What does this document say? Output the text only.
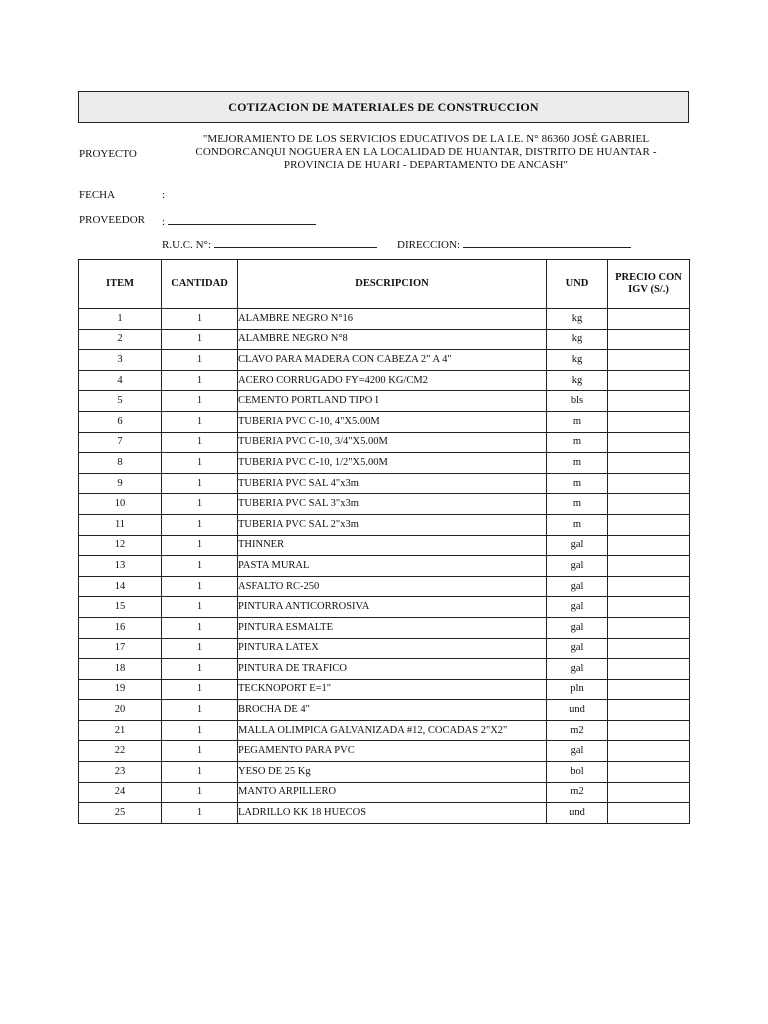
COTIZACION DE MATERIALES DE CONSTRUCCION
PROYECTO
"MEJORAMIENTO DE LOS SERVICIOS EDUCATIVOS DE LA I.E. N° 86360 JOSÉ GABRIEL CONDORCANQUI NOGUERA EN LA LOCALIDAD DE HUANTAR, DISTRITO DE HUANTAR - PROVINCIA DE HUARI - DEPARTAMENTO DE ANCASH"
FECHA	:
PROVEEDOR :
R.U.C. N°:	DIRECCION:
ITEM	CANTIDAD	DESCRIPCION	UND	PRECIO CON IGV (S/.)
1	1	ALAMBRE NEGRO N°16	kg	
2	1	ALAMBRE NEGRO N°8	kg	
3	1	CLAVO PARA MADERA CON CABEZA 2" A 4"	kg	
4	1	ACERO CORRUGADO FY=4200 KG/CM2	kg	
5	1	CEMENTO PORTLAND TIPO I	bls	
6	1	TUBERIA PVC C-10, 4"X5.00M	m	
7	1	TUBERIA PVC C-10, 3/4"X5.00M	m	
8	1	TUBERIA PVC C-10, 1/2"X5.00M	m	
9	1	TUBERIA PVC SAL 4"x3m	m	
10	1	TUBERIA PVC SAL 3"x3m	m	
11	1	TUBERIA PVC SAL 2"x3m	m	
12	1	THINNER	gal	
13	1	PASTA MURAL	gal	
14	1	ASFALTO RC-250	gal	
15	1	PINTURA ANTICORROSIVA	gal	
16	1	PINTURA ESMALTE	gal	
17	1	PINTURA LATEX	gal	
18	1	PINTURA DE TRAFICO	gal	
19	1	TECKNOPORT E=1"	pln	
20	1	BROCHA DE 4"	und	
21	1	MALLA OLIMPICA GALVANIZADA #12, COCADAS 2"X2"	m2	
22	1	PEGAMENTO PARA PVC	gal	
23	1	YESO DE 25 Kg	bol	
24	1	MANTO ARPILLERO	m2	
25	1	LADRILLO KK 18 HUECOS	und	
